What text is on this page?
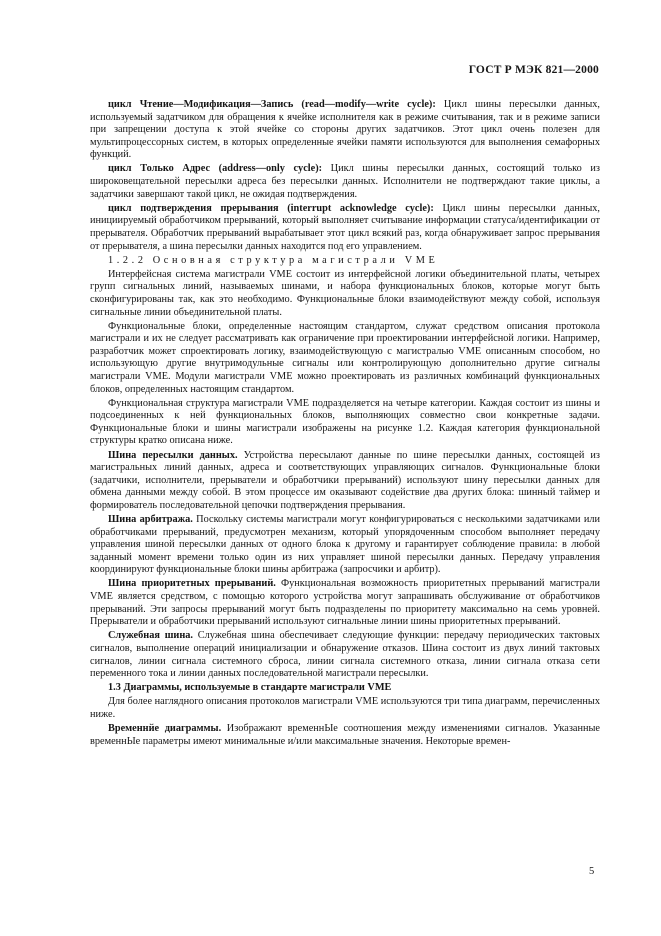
ГОСТ Р МЭК 821—2000

цикл Чтение—Модификация—Запись (read—modify—write cycle): Цикл шины пересылки данных, используемый задатчиком для обращения к ячейке исполнителя как в режиме считывания, так и в режиме записи при запрещении доступа к этой ячейке со стороны других задатчиков. Этот цикл очень полезен для мультипроцессорных систем, в которых определенные ячейки памяти используются для выполнения семафорных функций.

цикл Только Адрес (address—only cycle): Цикл шины пересылки данных, состоящий только из широковещательной пересылки адреса без пересылки данных. Исполнители не подтверждают такие циклы, а задатчики завершают такой цикл, не ожидая подтверждения.

цикл подтверждения прерывания (interrupt acknowledge cycle): Цикл шины пересылки данных, инициируемый обработчиком прерываний, который выполняет считывание информации статуса/идентификации от прерывателя. Обработчик прерываний вырабатывает этот цикл всякий раз, когда обнаруживает запрос прерывания от прерывателя, а шина пересылки данных находится под его управлением.

1.2.2 Основная структура магистрали VME

Интерфейсная система магистрали VME состоит из интерфейсной логики объединительной платы, четырех групп сигнальных линий, называемых шинами, и набора функциональных блоков, которые могут быть сконфигурированы так, как это необходимо. Функциональные блоки взаимодействуют между собой, используя сигнальные линии объединительной платы.

Функциональные блоки, определенные настоящим стандартом, служат средством описания протокола магистрали и их не следует рассматривать как ограничение при проектировании интерфейсной логики. Например, разработчик может спроектировать логику, взаимодействующую с магистралью VME описанным способом, но использующую другие внутримодульные сигналы или контролирующую дополнительно другие сигналы магистрали VME. Модули магистрали VME можно проектировать из различных комбинаций функциональных блоков, определенных настоящим стандартом.

Функциональная структура магистрали VME подразделяется на четыре категории. Каждая состоит из шины и подсоединенных к ней функциональных блоков, выполняющих совместно свои конкретные задачи. Функциональные блоки и шины магистрали изображены на рисунке 1.2. Каждая категория функциональной структуры кратко описана ниже.

Шина пересылки данных. Устройства пересылают данные по шине пересылки данных, состоящей из магистральных линий данных, адреса и соответствующих управляющих сигналов. Функциональные блоки (задатчики, исполнители, прерыватели и обработчики прерываний) используют шину пересылки данных для обмена данными между собой. В этом процессе им оказывают содействие два других блока: шинный таймер и формирователь последовательной цепочки подтверждения прерывания.

Шина арбитража. Поскольку системы магистрали могут конфигурироваться с несколькими задатчиками или обработчиками прерываний, предусмотрен механизм, который упорядоченным способом выполняет передачу управления шиной пересылки данных от одного блока к другому и гарантирует соблюдение правила: в любой заданный момент времени только один из них управляет шиной пересылки данных. Передачу управления координируют функциональные блоки шины арбитража (запросчики и арбитр).

Шина приоритетных прерываний. Функциональная возможность приоритетных прерываний магистрали VME является средством, с помощью которого устройства могут запрашивать обслуживание от обработчиков прерываний. Эти запросы прерываний могут быть подразделены по приоритету максимально на семь уровней. Прерыватели и обработчики прерываний используют сигнальные линии шины приоритетных прерываний.

Служебная шина. Служебная шина обеспечивает следующие функции: передачу периодических тактовых сигналов, выполнение операций инициализации и обнаружение отказов. Шина состоит из двух линий тактовых сигналов, линии сигнала системного сброса, линии сигнала системного отказа, линии сигнала отказа сети переменного тока и линии данных последовательной магистрали пересылки.

1.3 Диаграммы, используемые в стандарте магистрали VME

Для более наглядного описания протоколов магистрали VME используются три типа диаграмм, перечисленных ниже.

Временнйе диаграммы. Изображают временнЫе соотношения между изменениями сигналов. Указанные временнЫе параметры имеют минимальные и/или максимальные значения. Некоторые времен-

5
